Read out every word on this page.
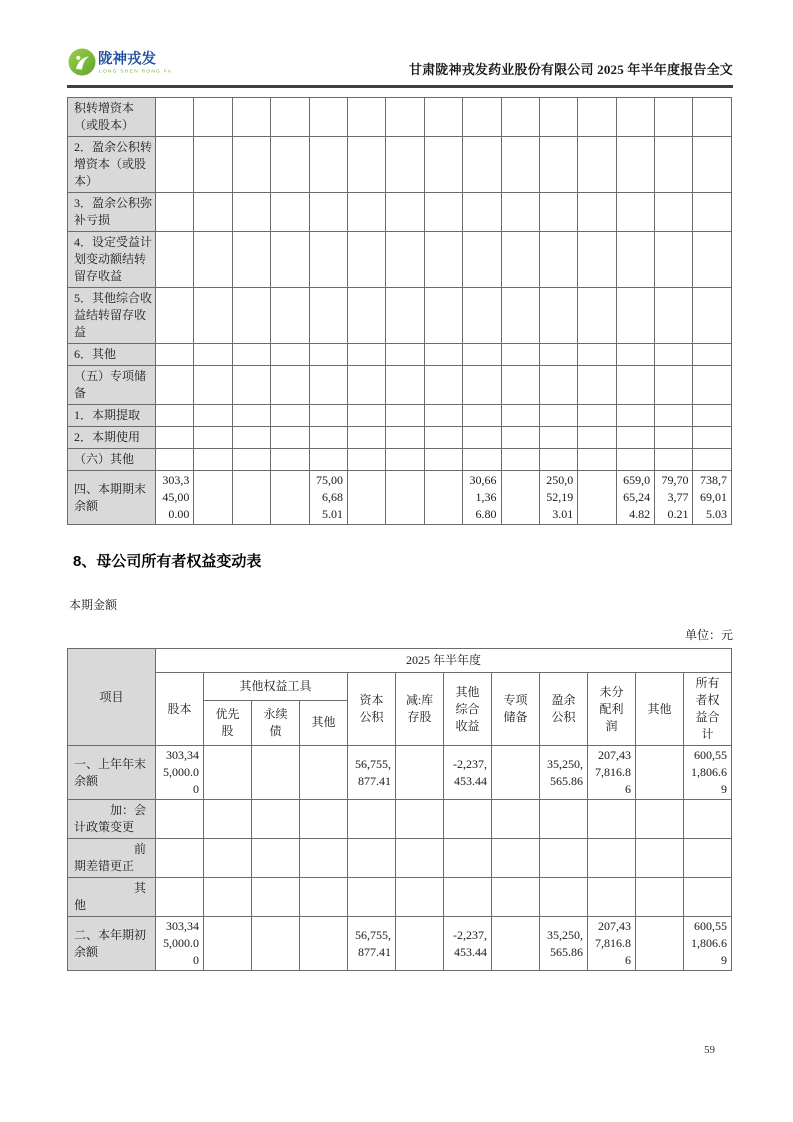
陇神戎发
LONG SHEN RONG FA	甘肃陇神戎发药业股份有限公司 2025 年半年度报告全文
积转增资本（或股本）															
2．盈余公积转增资本（或股本）															
3．盈余公积弥补亏损															
4．设定受益计划变动额结转留存收益															
5．其他综合收益结转留存收益															
6．其他															
（五）专项储备															
1．本期提取															
2．本期使用															
（六）其他															
四、本期期末余额	303,345,000.00				75,006,685.01				30,661,366.80		250,052,193.01		659,065,244.82	79,703,770.21	738,769,015.03
8、母公司所有者权益变动表
本期金额
单位：元
项目	2025 年半年度											
	股本	其他权益工具			资本公积	减:库存股	其他综合收益	专项储备	盈余公积	未分配利润	其他	所有者权益合计
		优先股	永续债	其他								
一、上年年末余额	303,345,000.00				56,755,877.41		-2,237,453.44		35,250,565.86	207,437,816.86		600,551,806.69
　　　加：会计政策变更												
　　　　　前期差错更正												
　　　　　其他												
二、本年期初余额	303,345,000.00				56,755,877.41		-2,237,453.44		35,250,565.86	207,437,816.86		600,551,806.69
59
